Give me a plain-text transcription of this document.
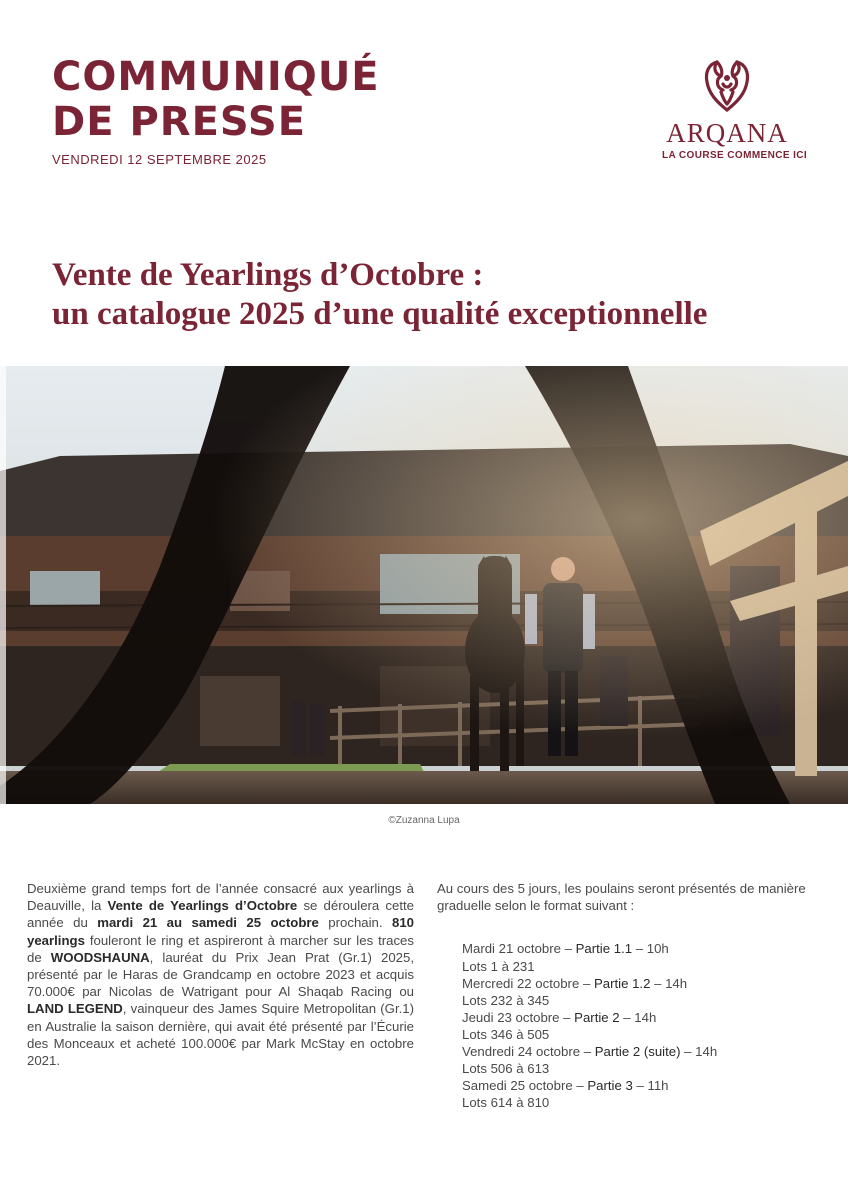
COMMUNIQUÉ
DE PRESSE
VENDREDI 12 SEPTEMBRE 2025
ARQANA
LA COURSE COMMENCE ICI
Vente de Yearlings d’Octobre :
un catalogue 2025 d’une qualité exceptionnelle
©Zuzanna Lupa
Deuxième grand temps fort de l’année consacré aux yearlings à Deauville, la Vente de Yearlings d’Octobre se déroulera cette année du mardi 21 au samedi 25 octobre prochain. 810 yearlings fouleront le ring et aspireront à marcher sur les traces de WOODSHAUNA, lauréat du Prix Jean Prat (Gr.1) 2025, présenté par le Haras de Grandcamp en octobre 2023 et acquis 70.000€ par Nicolas de Watrigant pour Al Shaqab Racing ou LAND LEGEND, vainqueur des James Squire Metropolitan (Gr.1) en Australie la saison dernière, qui avait été présenté par l’Écurie des Monceaux et acheté 100.000€ par Mark McStay en octobre 2021.
Au cours des 5 jours, les poulains seront présentés de manière graduelle selon le format suivant :
Mardi 21 octobre – Partie 1.1 – 10h
Lots 1 à 231
Mercredi 22 octobre – Partie 1.2 – 14h
Lots 232 à 345
Jeudi 23 octobre – Partie 2 – 14h
Lots 346 à 505
Vendredi 24 octobre – Partie 2 (suite) – 14h
Lots 506 à 613
Samedi 25 octobre – Partie 3 – 11h
Lots 614 à 810
